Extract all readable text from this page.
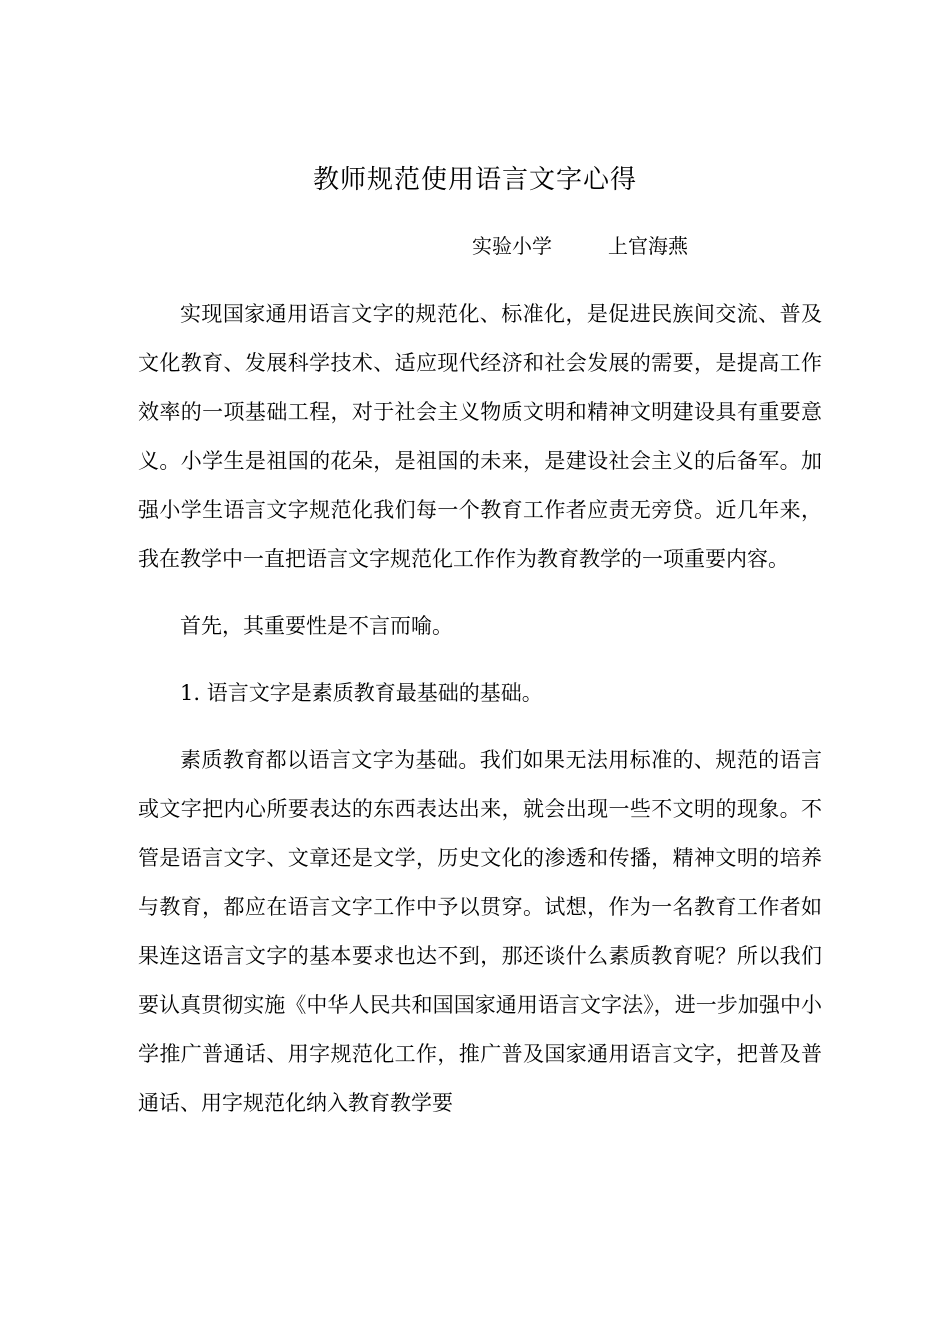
教师规范使用语言文字心得
实验小学	上官海燕

实现国家通用语言文字的规范化、标准化，是促进民族间交流、普及文化教育、发展科学技术、适应现代经济和社会发展的需要，是提高工作效率的一项基础工程，对于社会主义物质文明和精神文明建设具有重要意义。小学生是祖国的花朵，是祖国的未来，是建设社会主义的后备军。加强小学生语言文字规范化我们每一个教育工作者应责无旁贷。近几年来，我在教学中一直把语言文字规范化工作作为教育教学的一项重要内容。

首先，其重要性是不言而喻。

1. 语言文字是素质教育最基础的基础。

素质教育都以语言文字为基础。我们如果无法用标准的、规范的语言或文字把内心所要表达的东西表达出来，就会出现一些不文明的现象。不管是语言文字、文章还是文学，历史文化的渗透和传播，精神文明的培养与教育，都应在语言文字工作中予以贯穿。试想，作为一名教育工作者如果连这语言文字的基本要求也达不到，那还谈什么素质教育呢？所以我们要认真贯彻实施《中华人民共和国国家通用语言文字法》，进一步加强中小学推广普通话、用字规范化工作，推广普及国家通用语言文字，把普及普通话、用字规范化纳入教育教学要
